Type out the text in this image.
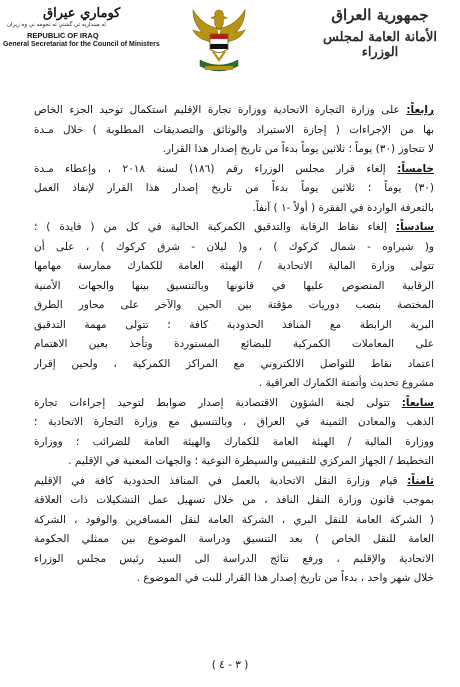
كوماري عيراق
ئه مينداريه تي گشتي ئه نجومه ني وه زيران
REPUBLIC OF IRAQ
General Secretariat for the Council of Ministers
جمهورية العراق
الأمانة العامة لمجلس الوزراء
رابعاً: على وزارة التجارة الاتحادية ووزارة تجارة الإقليم استكمال توحيد الجزء الخاص
بها من الإجراءات ( إجازة الاستيراد والوثائق والتصديقات المطلوبة ) خلال مـدة
لا تتجاوز (٣٠) يوماً ؛ ثلاثين يوماً بدءاً من تاريخ إصدار هذا القرار.
خامساً: إلغاء قرار مجلس الوزراء رقم (١٨٦) لسنة ٢٠١٨ ، وإعطاء مـدة
(٣٠) يوماً ؛ ثلاثين يوماً بدءاً من تاريخ إصدار هذا القرار لإنفاذ العمل
بالتعرفة الواردة في الفقرة ( أولاً -١ ) آنفاً.
سادساً: إلغاء نقاط الرقابة والتدقيق الكمركية الحالية في كل من ( فايدة ) ؛
و( شيراوه - شمال كركوك ) ، و( ليلان - شرق كركوك ) ، على أن
تتولى وزارة المالية الاتحادية / الهيئة العامة للكمارك ممارسة مهامها
الرقابية المنصوص عليها في قانونها وبالتنسيق بينها والجهات الأمنية
المختصة بنصب دوريات مؤقتة بين الحين والآخر على محاور الطرق
البرية الرابطة مع المنافذ الحدودية كافة ؛ تتولى مهمة التدقيق
على المعاملات الكمركية للبضائع المستوردة وتأخذ بعين الاهتمام
اعتماد نقاط للتواصل الالكتروني مع المراكز الكمركية ، ولحين إقرار
مشروع تحديث وأتمتة الكمارك العراقية .
سابعاً: تتولى لجنة الشؤون الاقتصادية إصدار ضوابط لتوحيد إجراءات تجارة
الذهب والمعادن الثمينة في العراق ، وبالتنسيق مع وزارة التجارة الاتحادية ؛
ووزارة المالية / الهيئة العامة للكمارك والهيئة العامة للضرائب ؛ ووزارة
التخطيط / الجهاز المركزي للتقييس والسيطرة النوعية ؛ والجهات المعنية في الإقليم .
ثامناً: قيام وزارة النقل الاتحادية بالعمل في المنافذ الحدودية كافة في الإقليم
بموجب قانون وزارة النقل النافذ ، من خلال تسهيل عمل التشكيلات ذات العلاقة
( الشركة العامة للنقل البري ، الشركة العامة لنقل المسافرين والوفود ، الشركة
العامة للنقل الخاص ) بعد التنسيق ودراسة الموضوع بين ممثلي الحكومة
الاتحادية والإقليم ، ورفع نتائج الدراسة الى السيد رئيس مجلس الوزراء
خلال شهر واحد ، بدءاً من تاريخ إصدار هذا القرار للبت في الموضوع .
( ٣ - ٤ )
